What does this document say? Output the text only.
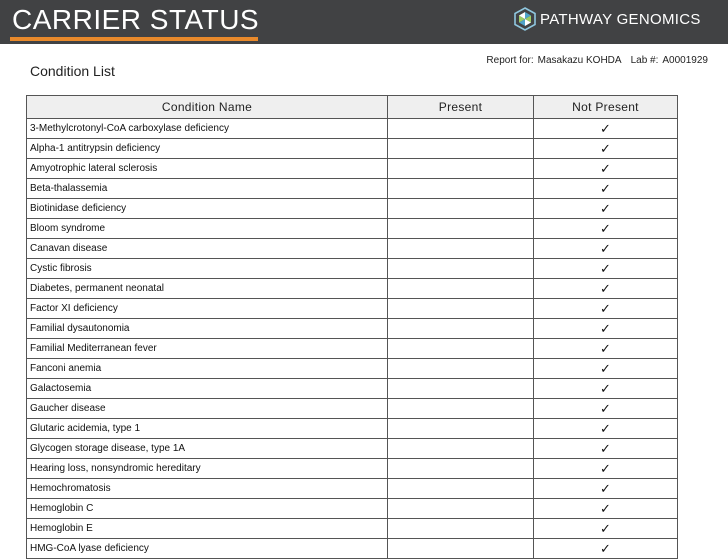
CARRIER STATUS	PATHWAY GENOMICS
Report for: Masakazu KOHDA Lab #: A0001929
Condition List
Condition Name	Present	Not Present
3-Methylcrotonyl-CoA carboxylase deficiency		✓
Alpha-1 antitrypsin deficiency		✓
Amyotrophic lateral sclerosis		✓
Beta-thalassemia		✓
Biotinidase deficiency		✓
Bloom syndrome		✓
Canavan disease		✓
Cystic fibrosis		✓
Diabetes, permanent neonatal		✓
Factor XI deficiency		✓
Familial dysautonomia		✓
Familial Mediterranean fever		✓
Fanconi anemia		✓
Galactosemia		✓
Gaucher disease		✓
Glutaric acidemia, type 1		✓
Glycogen storage disease, type 1A		✓
Hearing loss, nonsyndromic hereditary		✓
Hemochromatosis		✓
Hemoglobin C		✓
Hemoglobin E		✓
HMG-CoA lyase deficiency		✓
